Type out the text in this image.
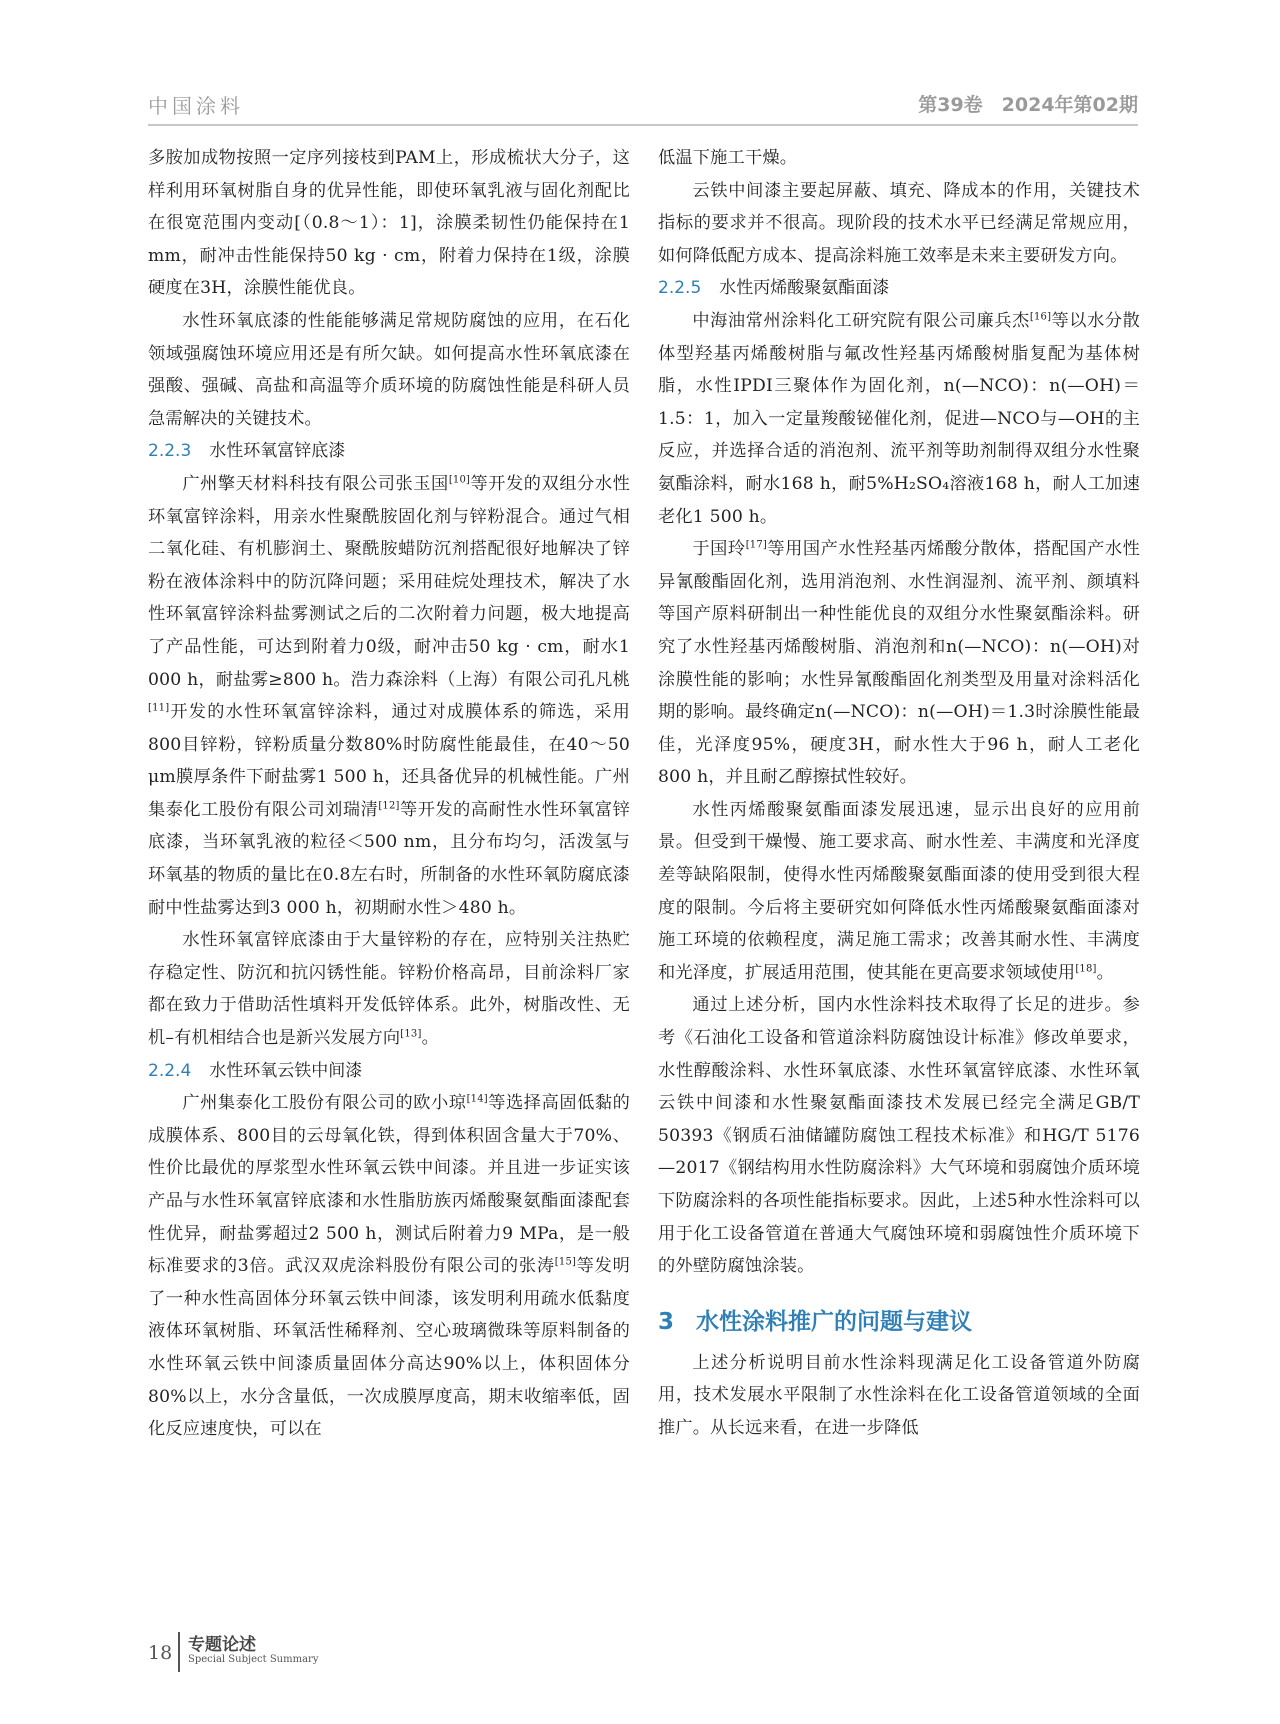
中国涂料	第39卷　2024年第02期

多胺加成物按照一定序列接枝到PAM上，形成梳状大分子，这样利用环氧树脂自身的优异性能，即使环氧乳液与固化剂配比在很宽范围内变动[（0.8～1）：1]，涂膜柔韧性仍能保持在1 mm，耐冲击性能保持50 kg · cm，附着力保持在1级，涂膜硬度在3H，涂膜性能优良。

水性环氧底漆的性能能够满足常规防腐蚀的应用，在石化领域强腐蚀环境应用还是有所欠缺。如何提高水性环氧底漆在强酸、强碱、高盐和高温等介质环境的防腐蚀性能是科研人员急需解决的关键技术。

2.2.3 水性环氧富锌底漆

广州擎天材料科技有限公司张玉国[10]等开发的双组分水性环氧富锌涂料，用亲水性聚酰胺固化剂与锌粉混合。通过气相二氧化硅、有机膨润土、聚酰胺蜡防沉剂搭配很好地解决了锌粉在液体涂料中的防沉降问题；采用硅烷处理技术，解决了水性环氧富锌涂料盐雾测试之后的二次附着力问题，极大地提高了产品性能，可达到附着力0级，耐冲击50 kg · cm，耐水1 000 h，耐盐雾≥800 h。浩力森涂料（上海）有限公司孔凡桃[11]开发的水性环氧富锌涂料，通过对成膜体系的筛选，采用800目锌粉，锌粉质量分数80%时防腐性能最佳，在40～50 μm膜厚条件下耐盐雾1 500 h，还具备优异的机械性能。广州集泰化工股份有限公司刘瑞清[12]等开发的高耐性水性环氧富锌底漆，当环氧乳液的粒径＜500 nm，且分布均匀，活泼氢与环氧基的物质的量比在0.8左右时，所制备的水性环氧防腐底漆耐中性盐雾达到3 000 h，初期耐水性＞480 h。

水性环氧富锌底漆由于大量锌粉的存在，应特别关注热贮存稳定性、防沉和抗闪锈性能。锌粉价格高昂，目前涂料厂家都在致力于借助活性填料开发低锌体系。此外，树脂改性、无机–有机相结合也是新兴发展方向[13]。

2.2.4 水性环氧云铁中间漆

广州集泰化工股份有限公司的欧小琼[14]等选择高固低黏的成膜体系、800目的云母氧化铁，得到体积固含量大于70%、性价比最优的厚浆型水性环氧云铁中间漆。并且进一步证实该产品与水性环氧富锌底漆和水性脂肪族丙烯酸聚氨酯面漆配套性优异，耐盐雾超过2 500 h，测试后附着力9 MPa，是一般标准要求的3倍。武汉双虎涂料股份有限公司的张涛[15]等发明了一种水性高固体分环氧云铁中间漆，该发明利用疏水低黏度液体环氧树脂、环氧活性稀释剂、空心玻璃微珠等原料制备的水性环氧云铁中间漆质量固体分高达90%以上，体积固体分80%以上，水分含量低，一次成膜厚度高，期末收缩率低，固化反应速度快，可以在

低温下施工干燥。

云铁中间漆主要起屏蔽、填充、降成本的作用，关键技术指标的要求并不很高。现阶段的技术水平已经满足常规应用，如何降低配方成本、提高涂料施工效率是未来主要研发方向。

2.2.5 水性丙烯酸聚氨酯面漆

中海油常州涂料化工研究院有限公司廉兵杰[16]等以水分散体型羟基丙烯酸树脂与氟改性羟基丙烯酸树脂复配为基体树脂，水性IPDI三聚体作为固化剂，n(—NCO)：n(—OH)＝1.5：1，加入一定量羧酸铋催化剂，促进—NCO与—OH的主反应，并选择合适的消泡剂、流平剂等助剂制得双组分水性聚氨酯涂料，耐水168 h，耐5%H₂SO₄溶液168 h，耐人工加速老化1 500 h。

于国玲[17]等用国产水性羟基丙烯酸分散体，搭配国产水性异氰酸酯固化剂，选用消泡剂、水性润湿剂、流平剂、颜填料等国产原料研制出一种性能优良的双组分水性聚氨酯涂料。研究了水性羟基丙烯酸树脂、消泡剂和n(—NCO)：n(—OH)对涂膜性能的影响；水性异氰酸酯固化剂类型及用量对涂料活化期的影响。最终确定n(—NCO)：n(—OH)＝1.3时涂膜性能最佳，光泽度95%，硬度3H，耐水性大于96 h，耐人工老化800 h，并且耐乙醇擦拭性较好。

水性丙烯酸聚氨酯面漆发展迅速，显示出良好的应用前景。但受到干燥慢、施工要求高、耐水性差、丰满度和光泽度差等缺陷限制，使得水性丙烯酸聚氨酯面漆的使用受到很大程度的限制。今后将主要研究如何降低水性丙烯酸聚氨酯面漆对施工环境的依赖程度，满足施工需求；改善其耐水性、丰满度和光泽度，扩展适用范围，使其能在更高要求领域使用[18]。

通过上述分析，国内水性涂料技术取得了长足的进步。参考《石油化工设备和管道涂料防腐蚀设计标准》修改单要求，水性醇酸涂料、水性环氧底漆、水性环氧富锌底漆、水性环氧云铁中间漆和水性聚氨酯面漆技术发展已经完全满足GB/T 50393《钢质石油储罐防腐蚀工程技术标准》和HG/T 5176—2017《钢结构用水性防腐涂料》大气环境和弱腐蚀介质环境下防腐涂料的各项性能指标要求。因此，上述5种水性涂料可以用于化工设备管道在普通大气腐蚀环境和弱腐蚀性介质环境下的外壁防腐蚀涂装。

3 水性涂料推广的问题与建议

上述分析说明目前水性涂料现满足化工设备管道外防腐用，技术发展水平限制了水性涂料在化工设备管道领域的全面推广。从长远来看，在进一步降低

18 专题论述
Special Subject Summary
